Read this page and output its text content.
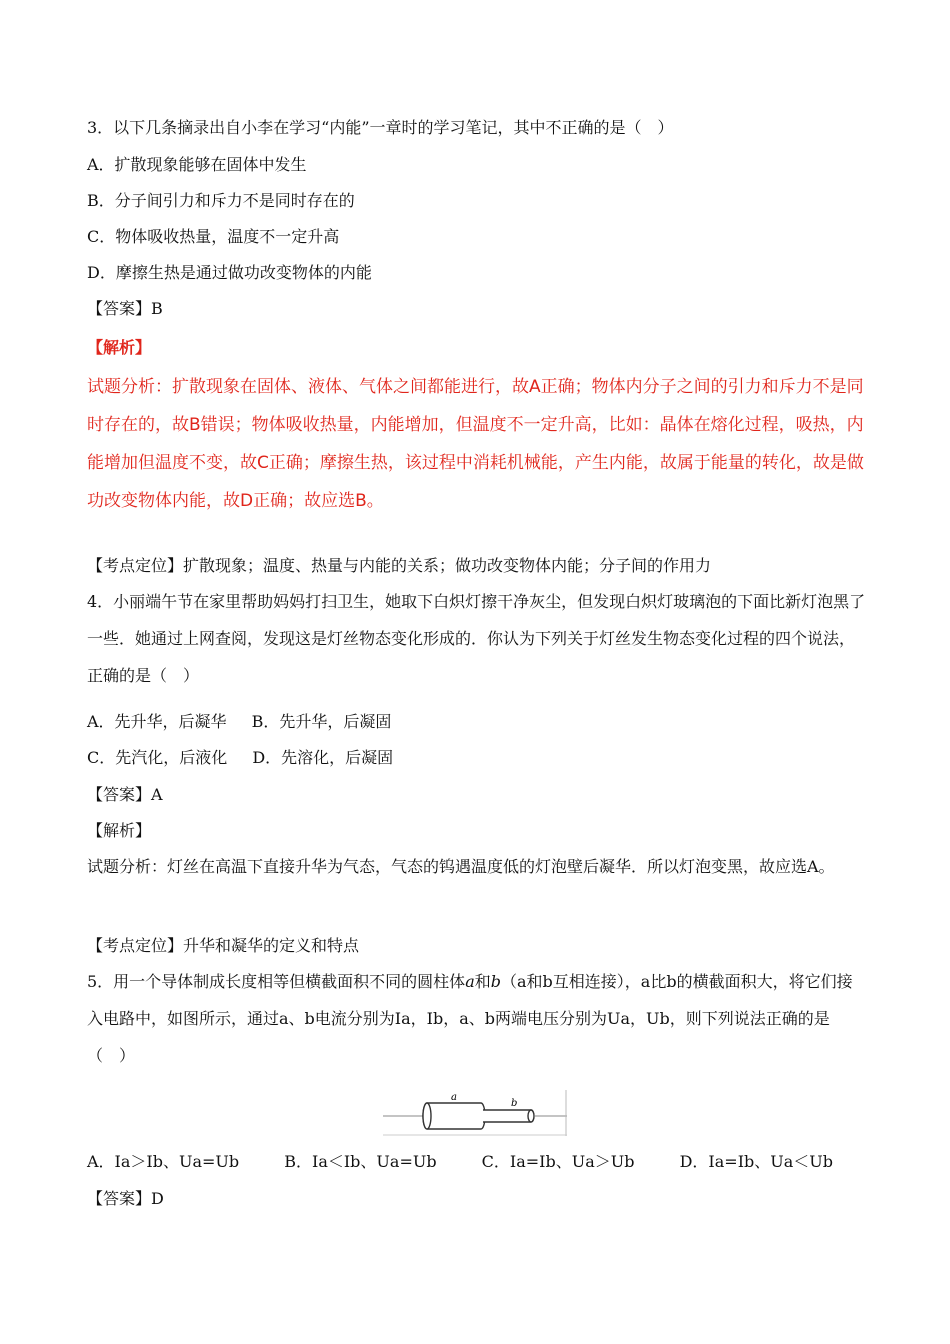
3．以下几条摘录出自小李在学习“内能”一章时的学习笔记，其中不正确的是（　）
A．扩散现象能够在固体中发生
B．分子间引力和斥力不是同时存在的
C．物体吸收热量，温度不一定升高
D．摩擦生热是通过做功改变物体的内能
【答案】B
【解析】
试题分析：扩散现象在固体、液体、气体之间都能进行，故A正确；物体内分子之间的引力和斥力不是同时存在的，故B错误；物体吸收热量，内能增加，但温度不一定升高，比如：晶体在熔化过程，吸热，内能增加但温度不变，故C正确；摩擦生热，该过程中消耗机械能，产生内能，故属于能量的转化，故是做功改变物体内能，故D正确；故应选B。
【考点定位】扩散现象；温度、热量与内能的关系；做功改变物体内能；分子间的作用力
4．小丽端午节在家里帮助妈妈打扫卫生，她取下白炽灯擦干净灰尘，但发现白炽灯玻璃泡的下面比新灯泡黑了一些．她通过上网查阅，发现这是灯丝物态变化形成的．你认为下列关于灯丝发生物态变化过程的四个说法，正确的是（　）
A．先升华，后凝华 B．先升华，后凝固
C．先汽化，后液化 D．先溶化，后凝固
【答案】A
【解析】
试题分析：灯丝在高温下直接升华为气态，气态的钨遇温度低的灯泡壁后凝华．所以灯泡变黑，故应选A。
【考点定位】升华和凝华的定义和特点
5．用一个导体制成长度相等但横截面积不同的圆柱体a和b（a和b互相连接），a比b的横截面积大，将它们接入电路中，如图所示，通过a、b电流分别为Ia，Ib，a、b两端电压分别为Ua，Ub，则下列说法正确的是（　）
a
b
A．Ia＞Ib、Ua=Ub	B．Ia＜Ib、Ua=Ub	C．Ia=Ib、Ua＞Ub	D．Ia=Ib、Ua＜Ub
【答案】D
